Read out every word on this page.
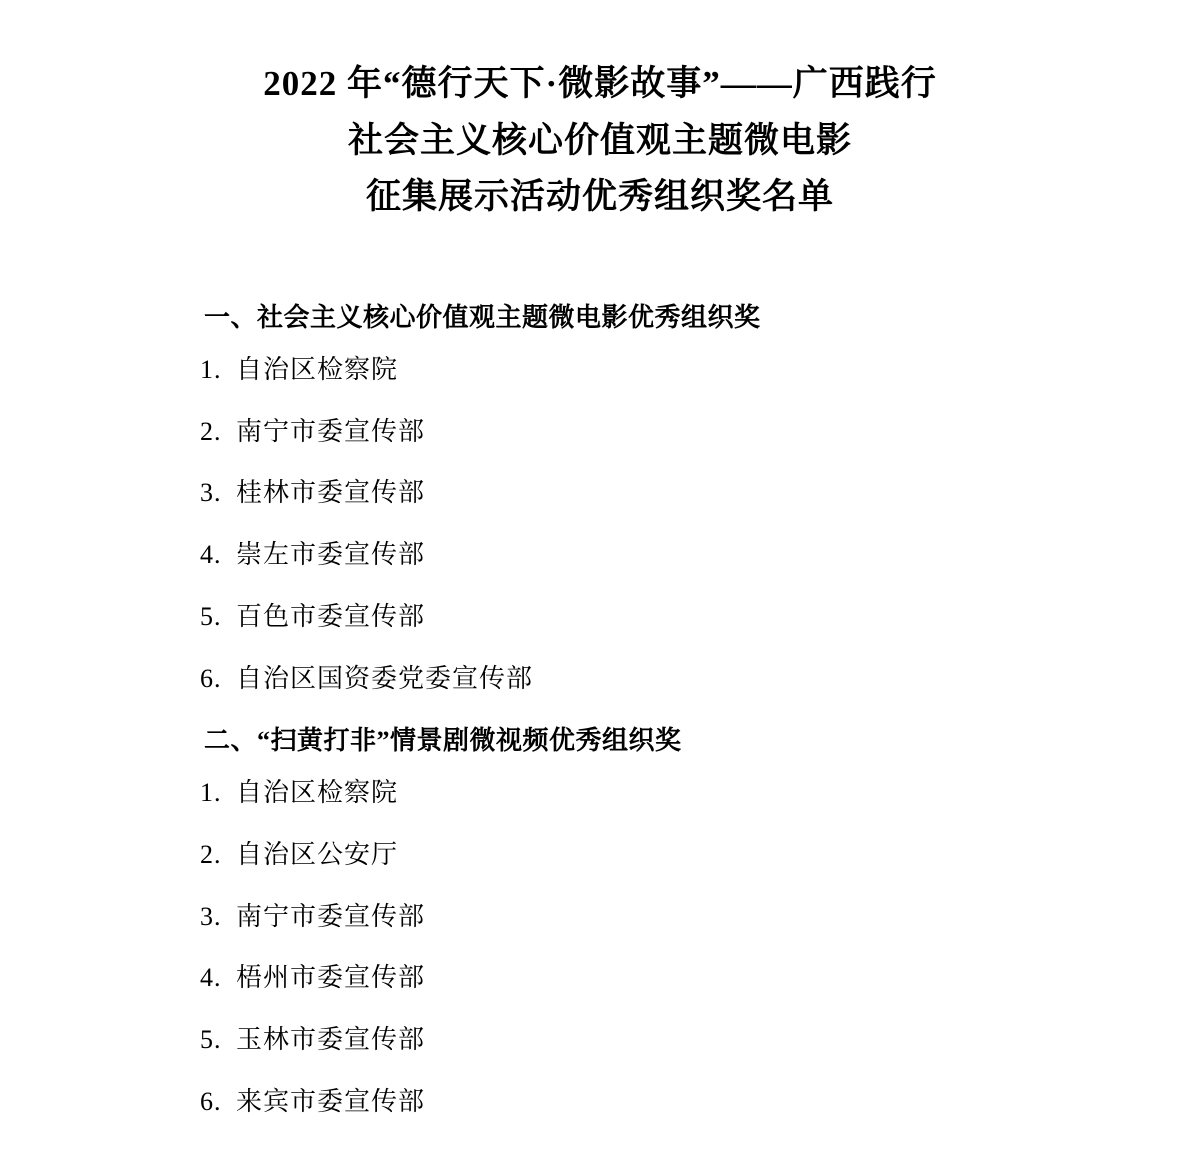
2022 年“德行天下·微影故事”——广西践行
社会主义核心价值观主题微电影
征集展示活动优秀组织奖名单
一、社会主义核心价值观主题微电影优秀组织奖
1. 自治区检察院
2. 南宁市委宣传部
3. 桂林市委宣传部
4. 崇左市委宣传部
5. 百色市委宣传部
6. 自治区国资委党委宣传部
二、“扫黄打非”情景剧微视频优秀组织奖
1. 自治区检察院
2. 自治区公安厅
3. 南宁市委宣传部
4. 梧州市委宣传部
5. 玉林市委宣传部
6. 来宾市委宣传部
